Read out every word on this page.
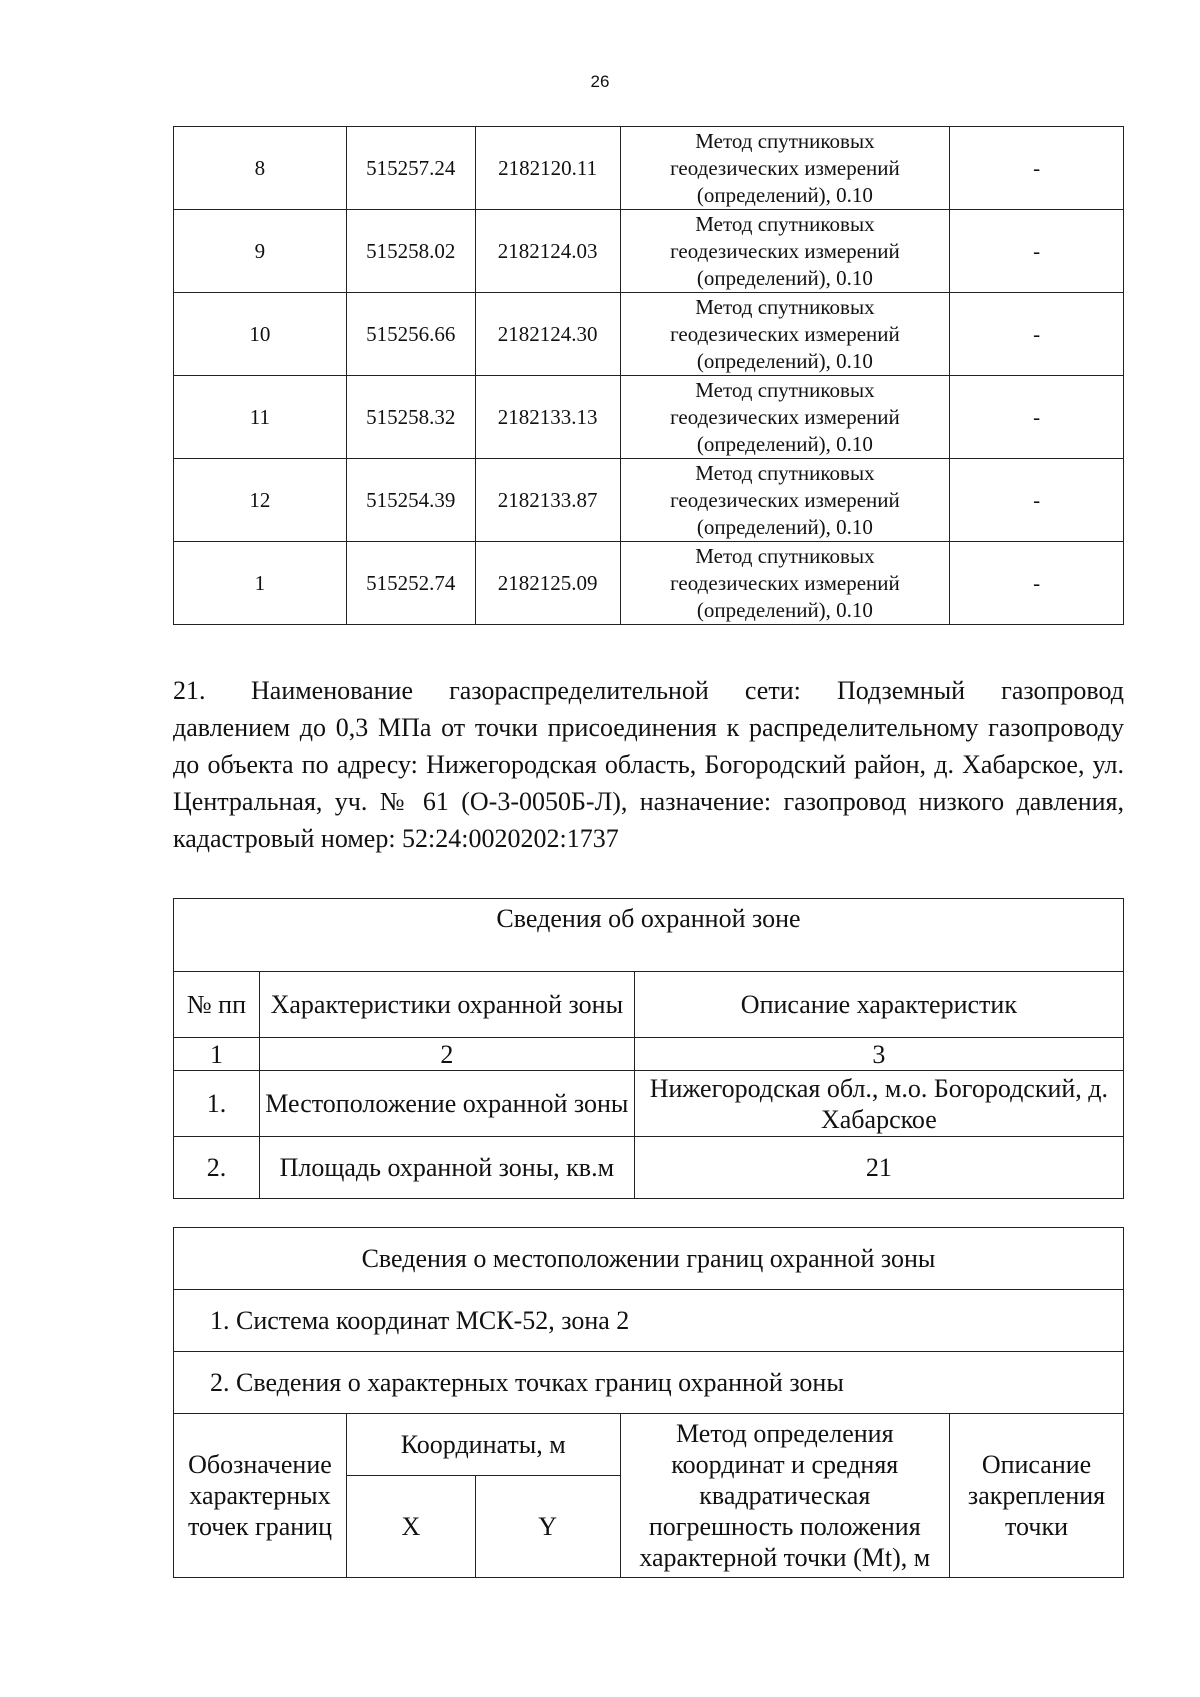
26
8	515257.24	2182120.11	Метод спутниковых
геодезических измерений
(определений), 0.10	-
9	515258.02	2182124.03	Метод спутниковых
геодезических измерений
(определений), 0.10	-
10	515256.66	2182124.30	Метод спутниковых
геодезических измерений
(определений), 0.10	-
11	515258.32	2182133.13	Метод спутниковых
геодезических измерений
(определений), 0.10	-
12	515254.39	2182133.87	Метод спутниковых
геодезических измерений
(определений), 0.10	-
1	515252.74	2182125.09	Метод спутниковых
геодезических измерений
(определений), 0.10	-

21. Наименование газораспределительной сети: Подземный газопровод давлением до 0,3 МПа от точки присоединения к распределительному газопроводу до объекта по адресу: Нижегородская область, Богородский район, д. Хабарское, ул. Центральная, уч. № 61 (О-3-0050Б-Л), назначение: газопровод низкого давления, кадастровый номер: 52:24:0020202:1737

Сведения об охранной зоне		
№ пп	Характеристики охранной зоны	Описание характеристик
1	2	3
1.	Местоположение охранной зоны	Нижегородская обл., м.о. Богородский, д. Хабарское
2.	Площадь охранной зоны, кв.м	21
Сведения о местоположении границ охранной зоны				
1. Система координат МСК-52, зона 2				
2. Сведения о характерных точках границ охранной зоны				
Обозначение характерных точек границ	Координаты, м		Метод определения координат и средняя квадратическая погрешность положения характерной точки (Mt), м	Описание закрепления точки
	X	Y		
